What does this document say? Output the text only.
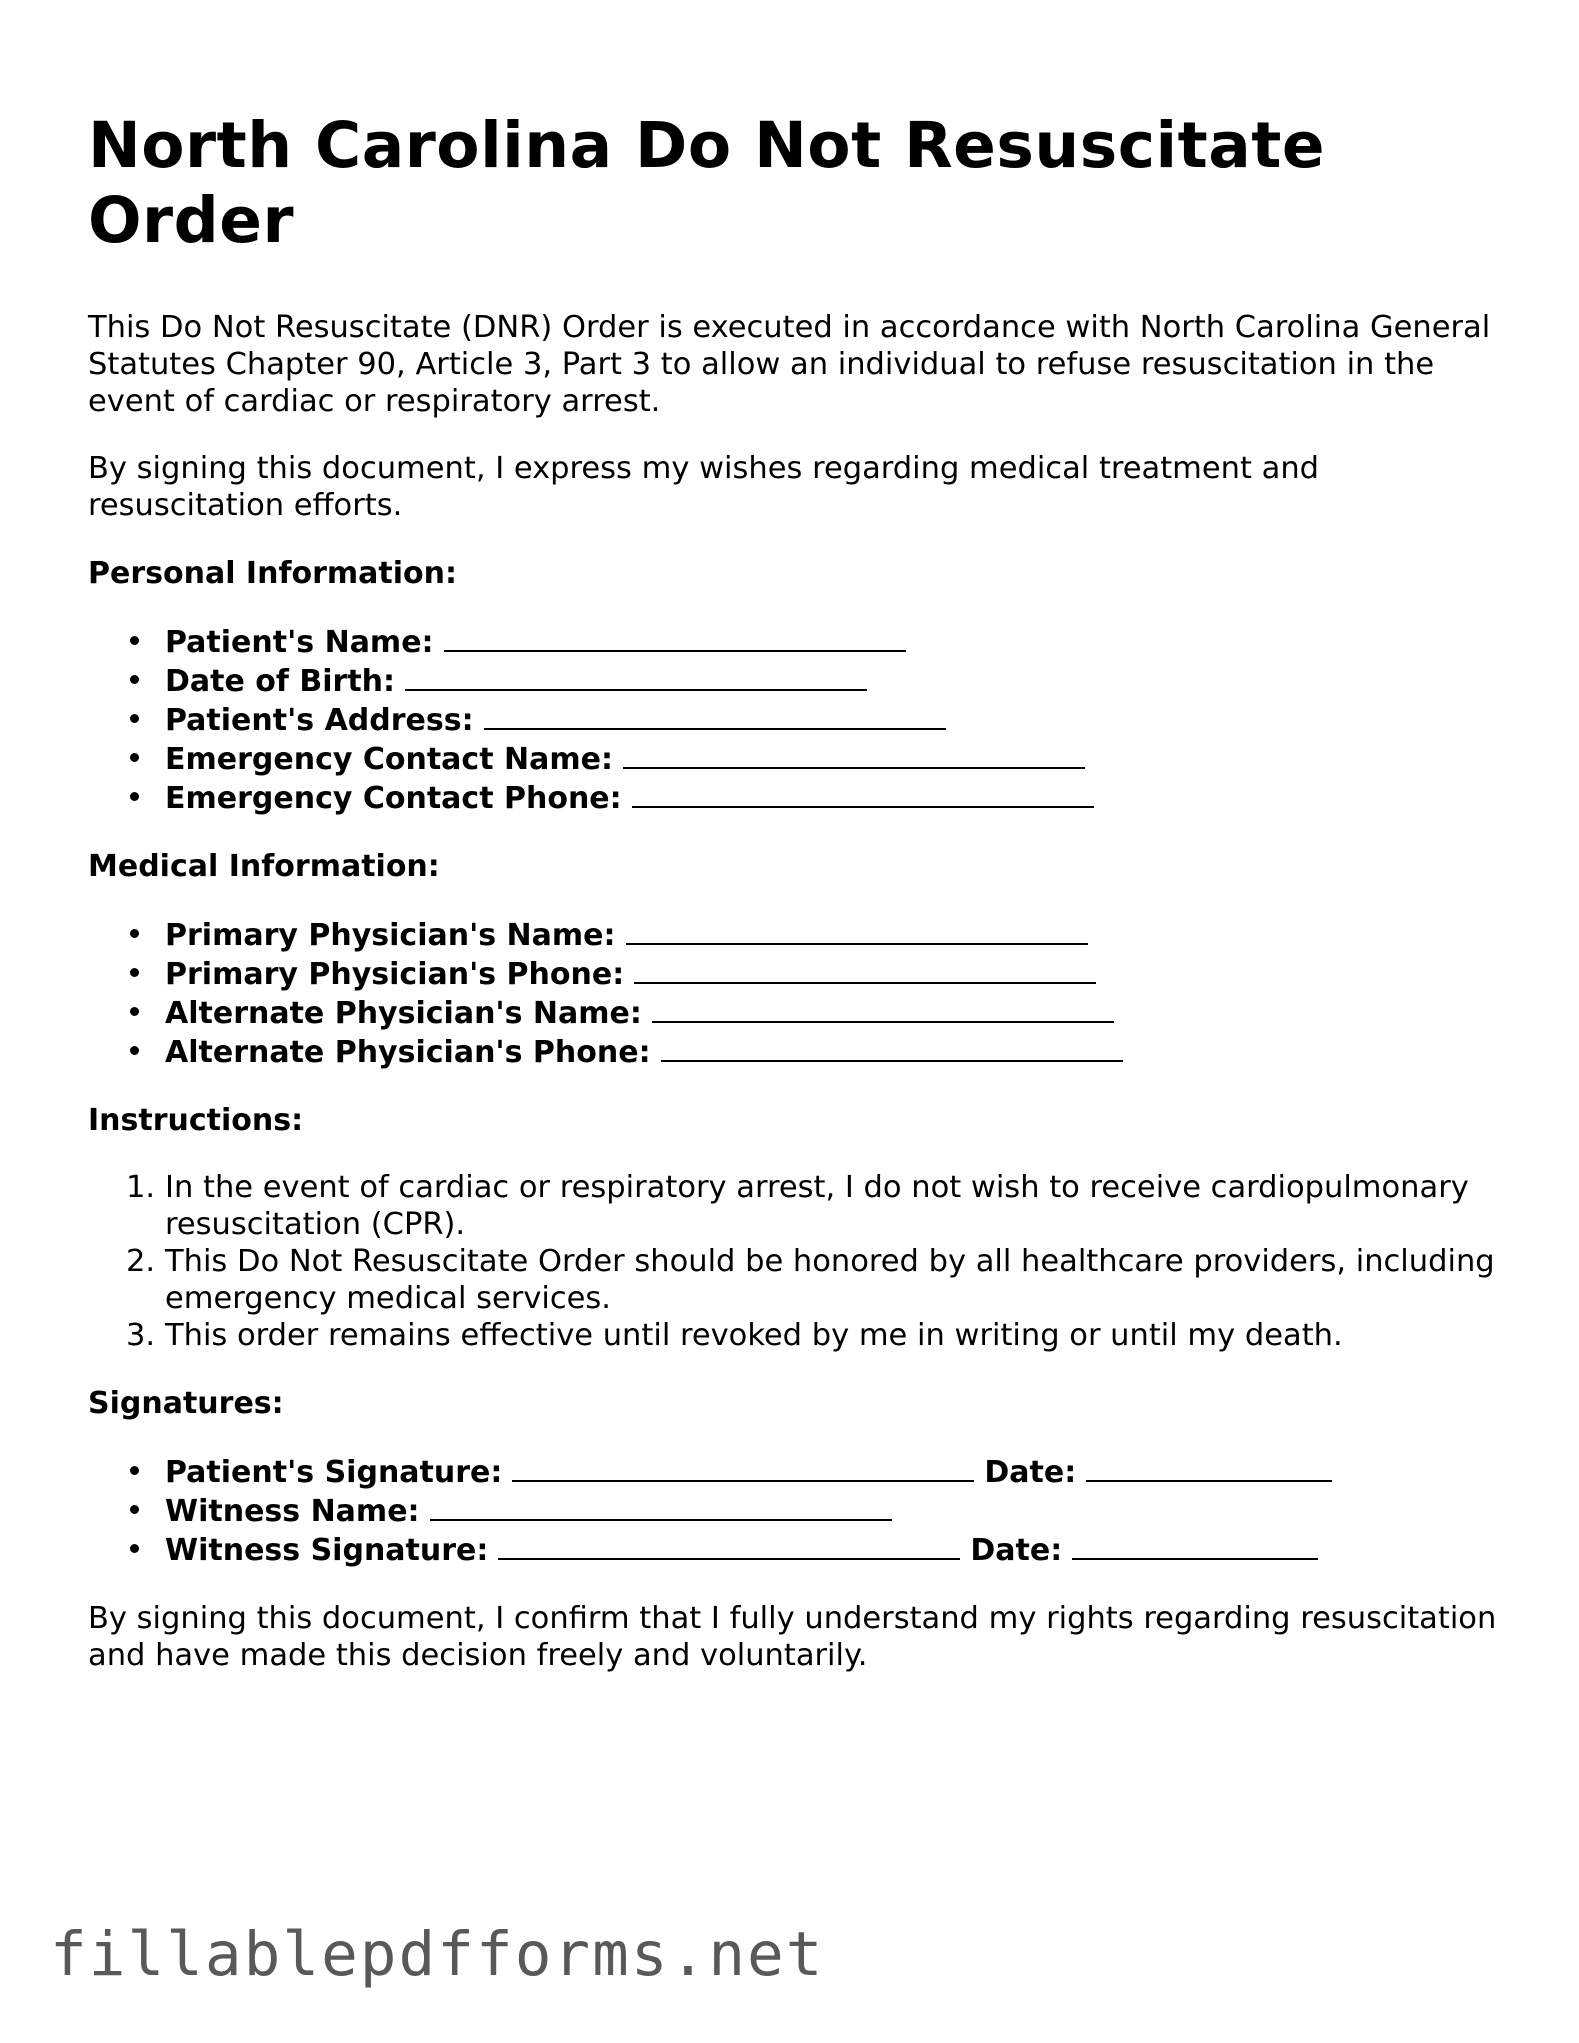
North Carolina Do Not Resuscitate Order

This Do Not Resuscitate (DNR) Order is executed in accordance with North Carolina General Statutes Chapter 90, Article 3, Part 3 to allow an individual to refuse resuscitation in the event of cardiac or respiratory arrest.

By signing this document, I express my wishes regarding medical treatment and resuscitation efforts.

Personal Information:
Patient's Name:
Date of Birth:
Patient's Address:
Emergency Contact Name:
Emergency Contact Phone:
Medical Information:
Primary Physician's Name:
Primary Physician's Phone:
Alternate Physician's Name:
Alternate Physician's Phone:
Instructions:
1. In the event of cardiac or respiratory arrest, I do not wish to receive cardiopulmonary resuscitation (CPR).
2. This Do Not Resuscitate Order should be honored by all healthcare providers, including emergency medical services.
3. This order remains effective until revoked by me in writing or until my death.
Signatures:
Patient's Signature:	Date:
Witness Name:
Witness Signature:	Date:

By signing this document, I confirm that I fully understand my rights regarding resuscitation and have made this decision freely and voluntarily.

fillablepdfforms.net
